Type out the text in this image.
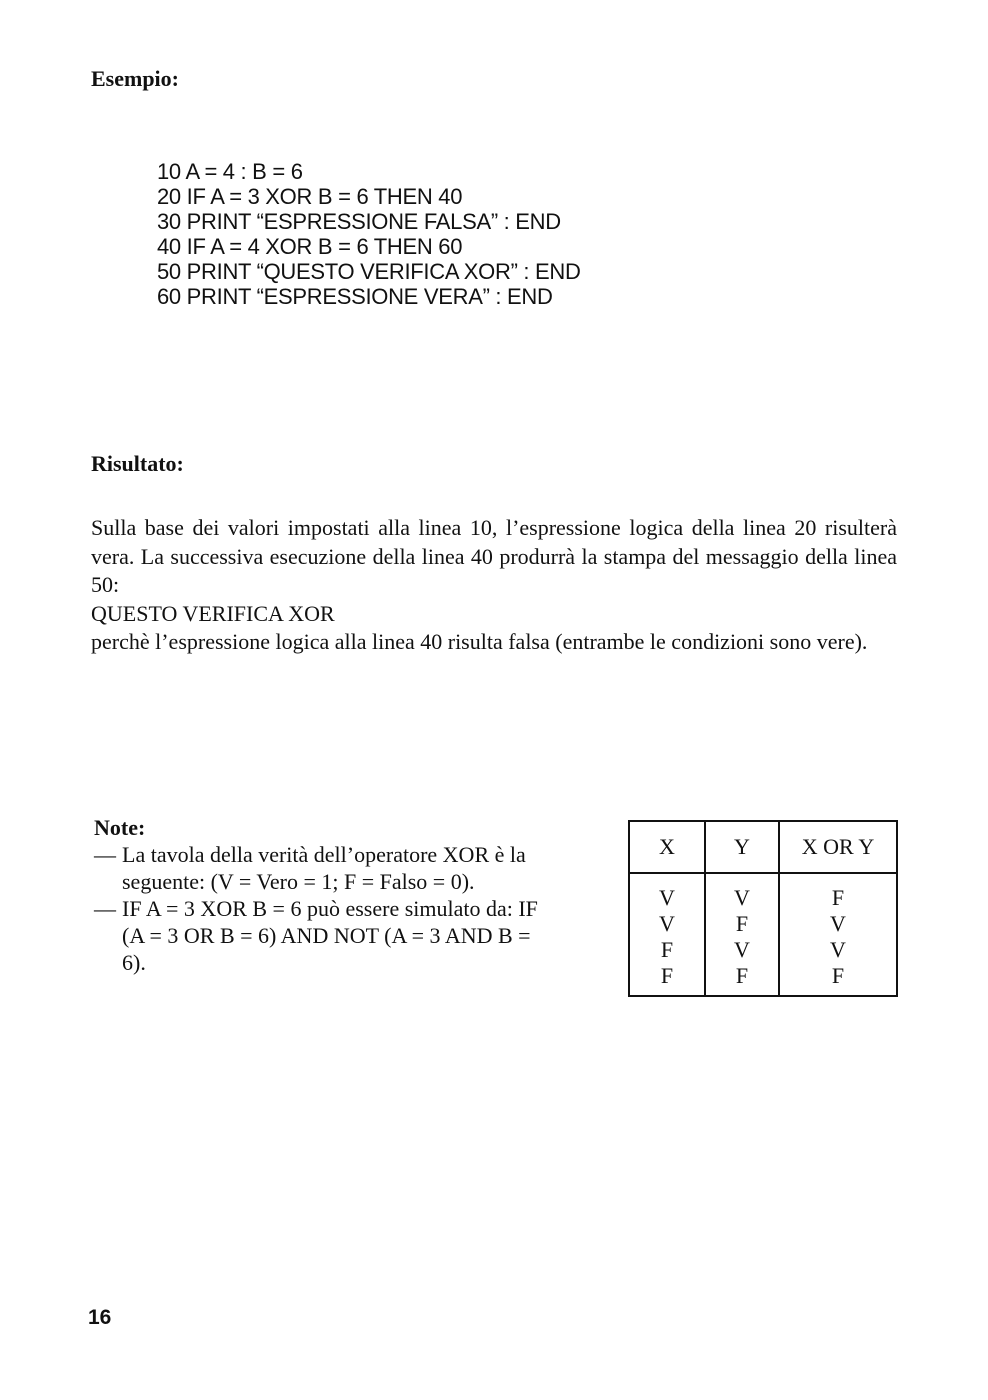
Esempio:

10 A = 4 : B = 6

20 IF A = 3 XOR B = 6 THEN 40

30 PRINT “ESPRESSIONE FALSA” : END

40 IF A = 4 XOR B = 6 THEN 60

50 PRINT “QUESTO VERIFICA XOR” : END

60 PRINT “ESPRESSIONE VERA” : END

Risultato:

Sulla base dei valori impostati alla linea 10, l’espressione logica della linea 20 risulterà vera. La successiva esecuzione della linea 40 produrrà la stampa del messaggio della linea 50:

QUESTO VERIFICA XOR

perchè l’espressione logica alla linea 40 risulta falsa (entrambe le condizioni sono vere).

Note:

— La tavola della verità dell’operatore XOR è la seguente: (V = Vero = 1; F = Falso = 0).
— IF A = 3 XOR B = 6 può essere simulato da: IF (A = 3 OR B = 6) AND NOT (A = 3 AND B = 6).
X	Y	X OR Y

V	V	F
V	F	V
F	V	V
F	F	F
16
